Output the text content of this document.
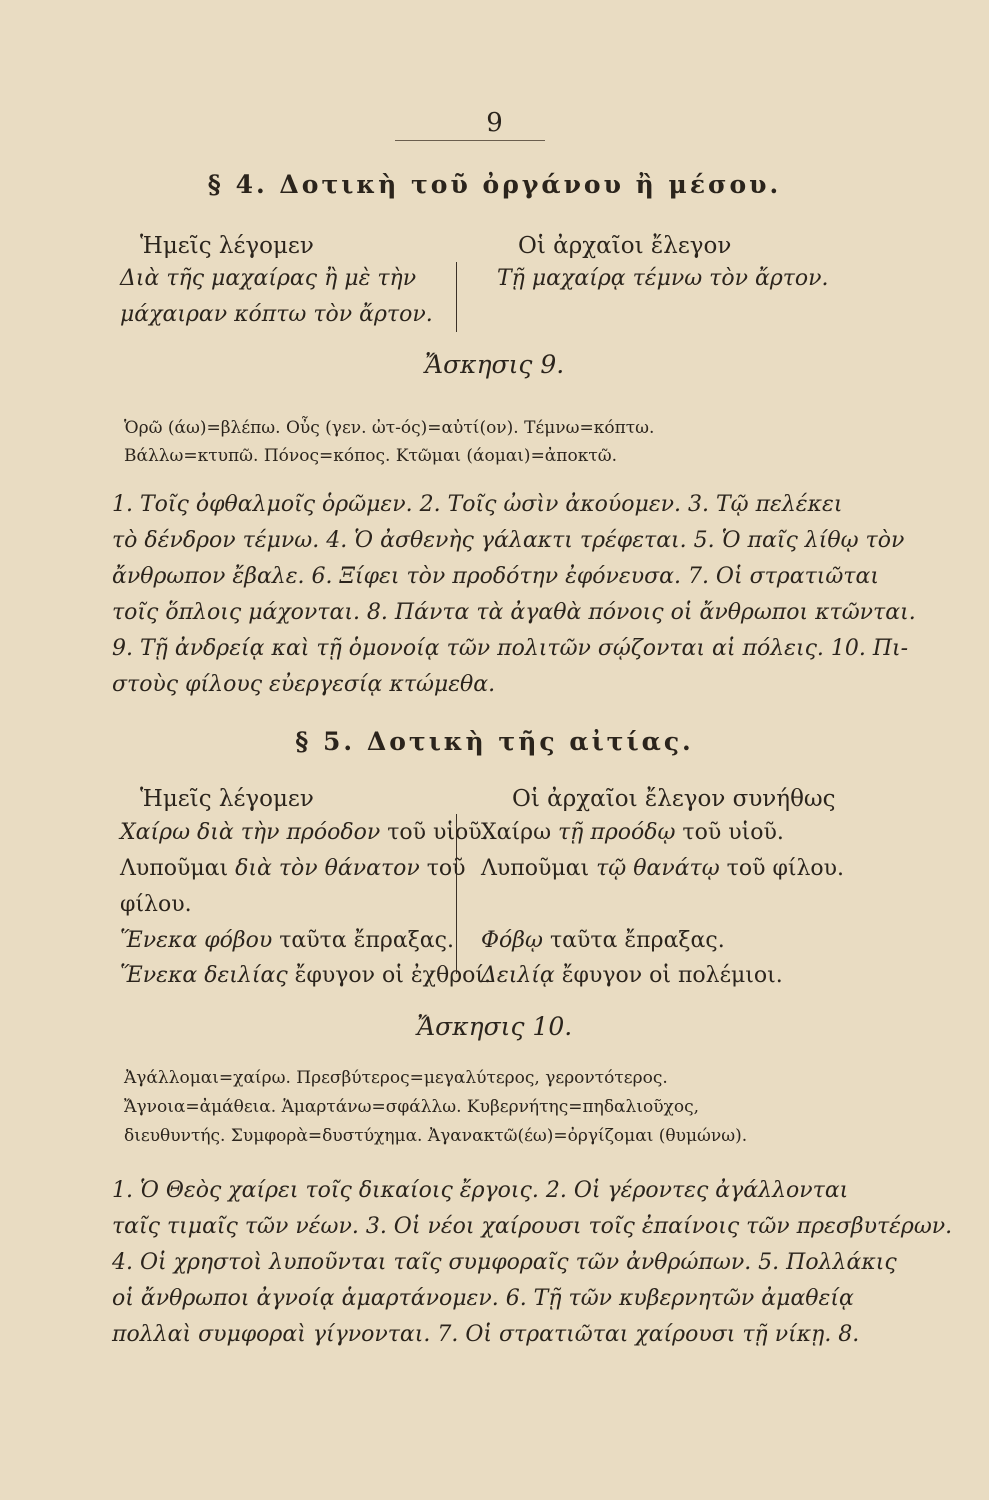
9
§ 4. Δοτικὴ τοῦ ὀργάνου ἢ μέσου.
Ἡμεῖς λέγομεν	Οἱ ἀρχαῖοι ἔλεγον
Διὰ τῆς μαχαίρας ἢ μὲ τὴν
μάχαιραν κόπτω τὸν ἄρτον.
Τῇ μαχαίρᾳ τέμνω τὸν ἄρτον.
Ἄσκησις 9.
Ὁρῶ (άω)=βλέπω. Οὖς (γεν. ὠτ-ός)=αὐτί(ον). Τέμνω=κόπτω.
Βάλλω=κτυπῶ. Πόνος=κόπος. Κτῶμαι (άομαι)=ἀποκτῶ.
1. Τοῖς ὀφθαλμοῖς ὁρῶμεν. 2. Τοῖς ὠσὶν ἀκούομεν. 3. Τῷ πελέκει
τὸ δένδρον τέμνω. 4. Ὁ ἀσθενὴς γάλακτι τρέφεται. 5. Ὁ παῖς λίθῳ τὸν
ἄνθρωπον ἔβαλε. 6. Ξίφει τὸν προδότην ἐφόνευσα. 7. Οἱ στρατιῶται
τοῖς ὅπλοις μάχονται. 8. Πάντα τὰ ἀγαθὰ πόνοις οἱ ἄνθρωποι κτῶνται.
9. Τῇ ἀνδρείᾳ καὶ τῇ ὁμονοίᾳ τῶν πολιτῶν σῴζονται αἱ πόλεις. 10. Πι-
στοὺς φίλους εὐεργεσίᾳ κτώμεθα.
§ 5. Δοτικὴ τῆς αἰτίας.
Ἡμεῖς λέγομεν	Οἱ ἀρχαῖοι ἔλεγον συνήθως
Χαίρω διὰ τὴν πρόοδον τοῦ υἱοῦ.
Λυποῦμαι διὰ τὸν θάνατον τοῦ
φίλου.
Ἕνεκα φόβου ταῦτα ἔπραξας.
Ἕνεκα δειλίας ἔφυγον οἱ ἐχθροί.
Χαίρω τῇ προόδῳ τοῦ υἱοῦ.
Λυποῦμαι τῷ θανάτῳ τοῦ φίλου.
Φόβῳ ταῦτα ἔπραξας.
Δειλίᾳ ἔφυγον οἱ πολέμιοι.
Ἄσκησις 10.
Ἀγάλλομαι=χαίρω. Πρεσβύτερος=μεγαλύτερος, γεροντότερος.
Ἄγνοια=ἀμάθεια. Ἁμαρτάνω=σφάλλω. Κυβερνήτης=πηδαλιοῦχος,
διευθυντής. Συμφορὰ=δυστύχημα. Ἀγανακτῶ(έω)=ὀργίζομαι (θυμώνω).
1. Ὁ Θεὸς χαίρει τοῖς δικαίοις ἔργοις. 2. Οἱ γέροντες ἀγάλλονται
ταῖς τιμαῖς τῶν νέων. 3. Οἱ νέοι χαίρουσι τοῖς ἐπαίνοις τῶν πρεσβυτέρων.
4. Οἱ χρηστοὶ λυποῦνται ταῖς συμφοραῖς τῶν ἀνθρώπων. 5. Πολλάκις
οἱ ἄνθρωποι ἀγνοίᾳ ἁμαρτάνομεν. 6. Τῇ τῶν κυβερνητῶν ἀμαθείᾳ
πολλαὶ συμφοραὶ γίγνονται. 7. Οἱ στρατιῶται χαίρουσι τῇ νίκῃ. 8.
